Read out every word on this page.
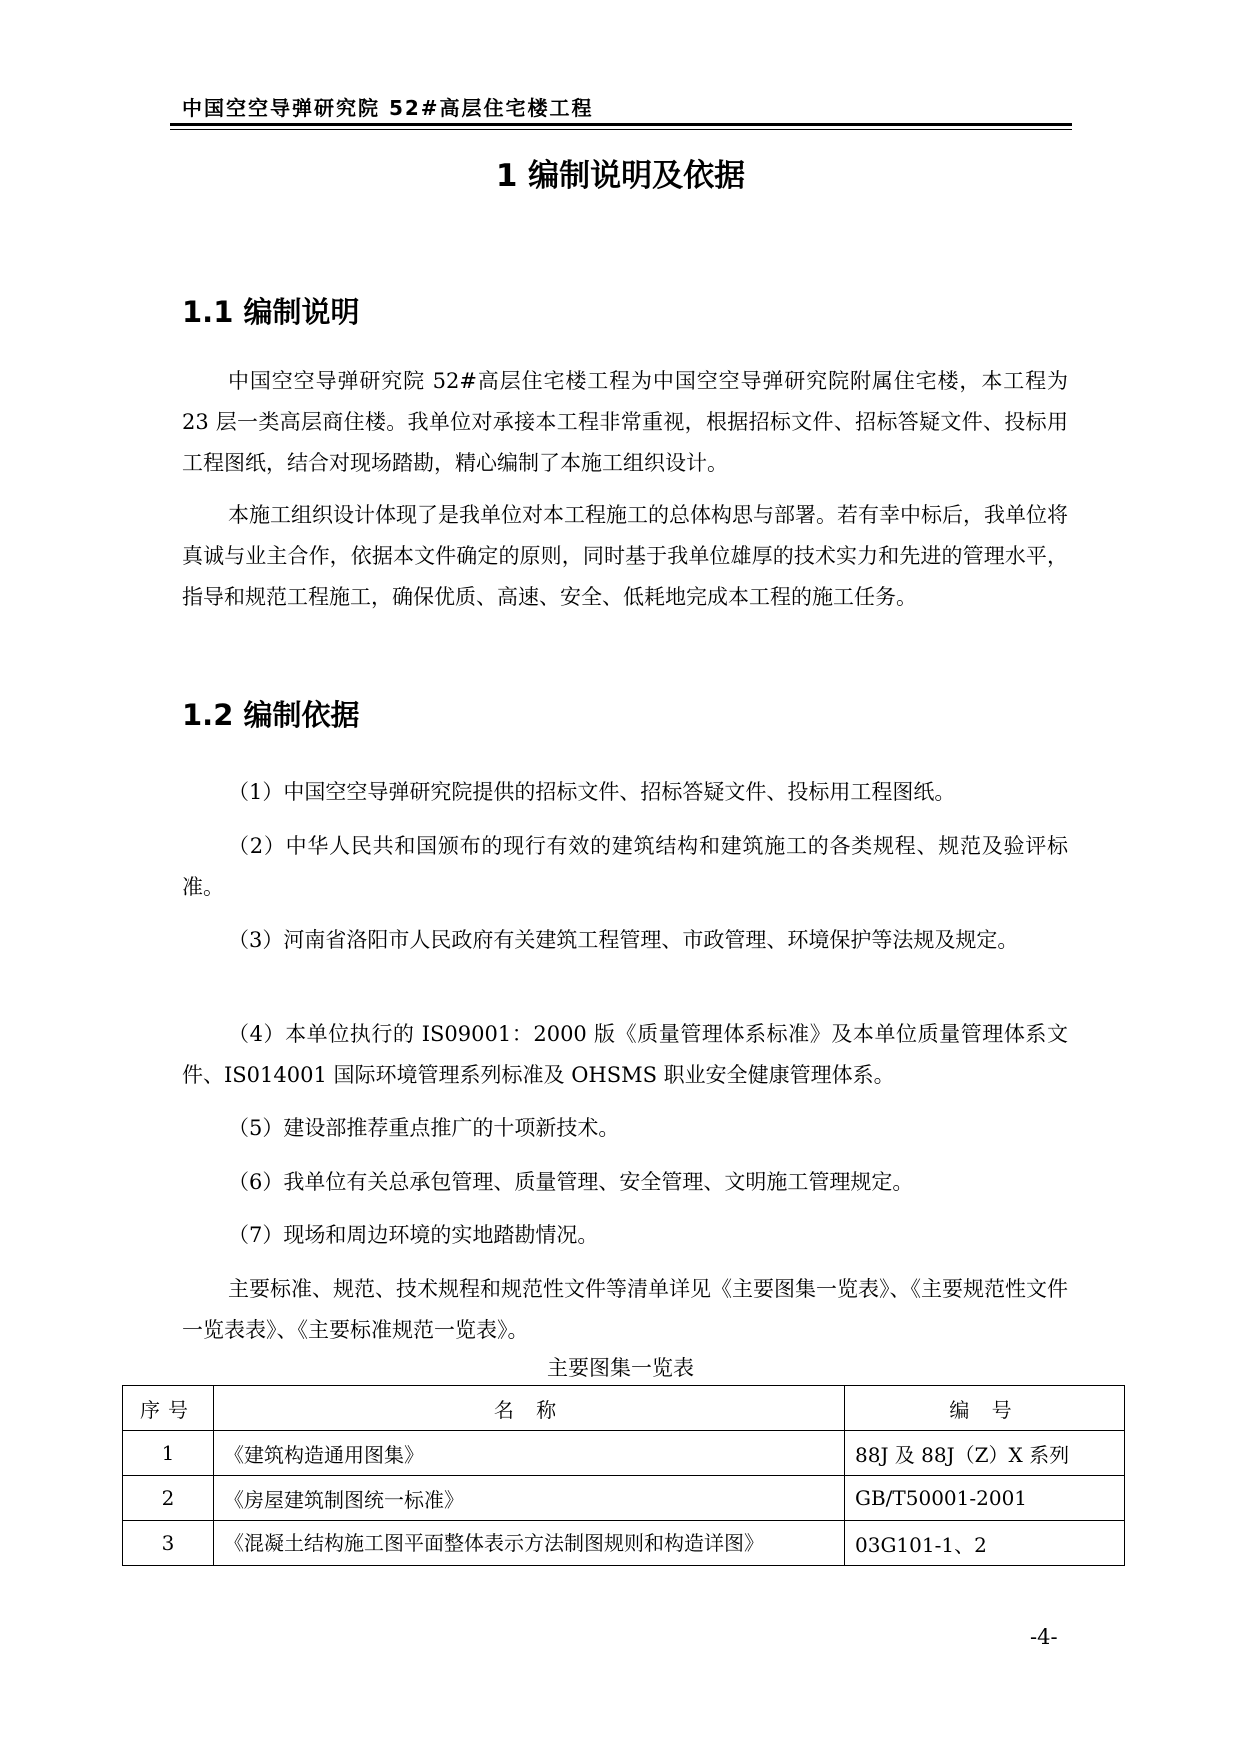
中国空空导弹研究院 52#高层住宅楼工程
1 编制说明及依据
1.1 编制说明

中国空空导弹研究院 52#高层住宅楼工程为中国空空导弹研究院附属住宅楼，本工程为 23 层一类高层商住楼。我单位对承接本工程非常重视，根据招标文件、招标答疑文件、投标用工程图纸，结合对现场踏勘，精心编制了本施工组织设计。

本施工组织设计体现了是我单位对本工程施工的总体构思与部署。若有幸中标后，我单位将真诚与业主合作，依据本文件确定的原则，同时基于我单位雄厚的技术实力和先进的管理水平，指导和规范工程施工，确保优质、高速、安全、低耗地完成本工程的施工任务。

1.2 编制依据

（1）中国空空导弹研究院提供的招标文件、招标答疑文件、投标用工程图纸。

（2）中华人民共和国颁布的现行有效的建筑结构和建筑施工的各类规程、规范及验评标准。

（3）河南省洛阳市人民政府有关建筑工程管理、市政管理、环境保护等法规及规定。

（4）本单位执行的 IS09001：2000 版《质量管理体系标准》及本单位质量管理体系文件、IS014001 国际环境管理系列标准及 OHSMS 职业安全健康管理体系。

（5）建设部推荐重点推广的十项新技术。

（6）我单位有关总承包管理、质量管理、安全管理、文明施工管理规定。

（7）现场和周边环境的实地踏勘情况。

主要标准、规范、技术规程和规范性文件等清单详见《主要图集一览表》、《主要规范性文件一览表表》、《主要标准规范一览表》。

主要图集一览表
序号	名 称	编 号
1	《建筑构造通用图集》	88J 及 88J（Z）X 系列
2	《房屋建筑制图统一标准》	GB/T50001-2001
3	《混凝土结构施工图平面整体表示方法制图规则和构造详图》	03G101-1、2
-4-
